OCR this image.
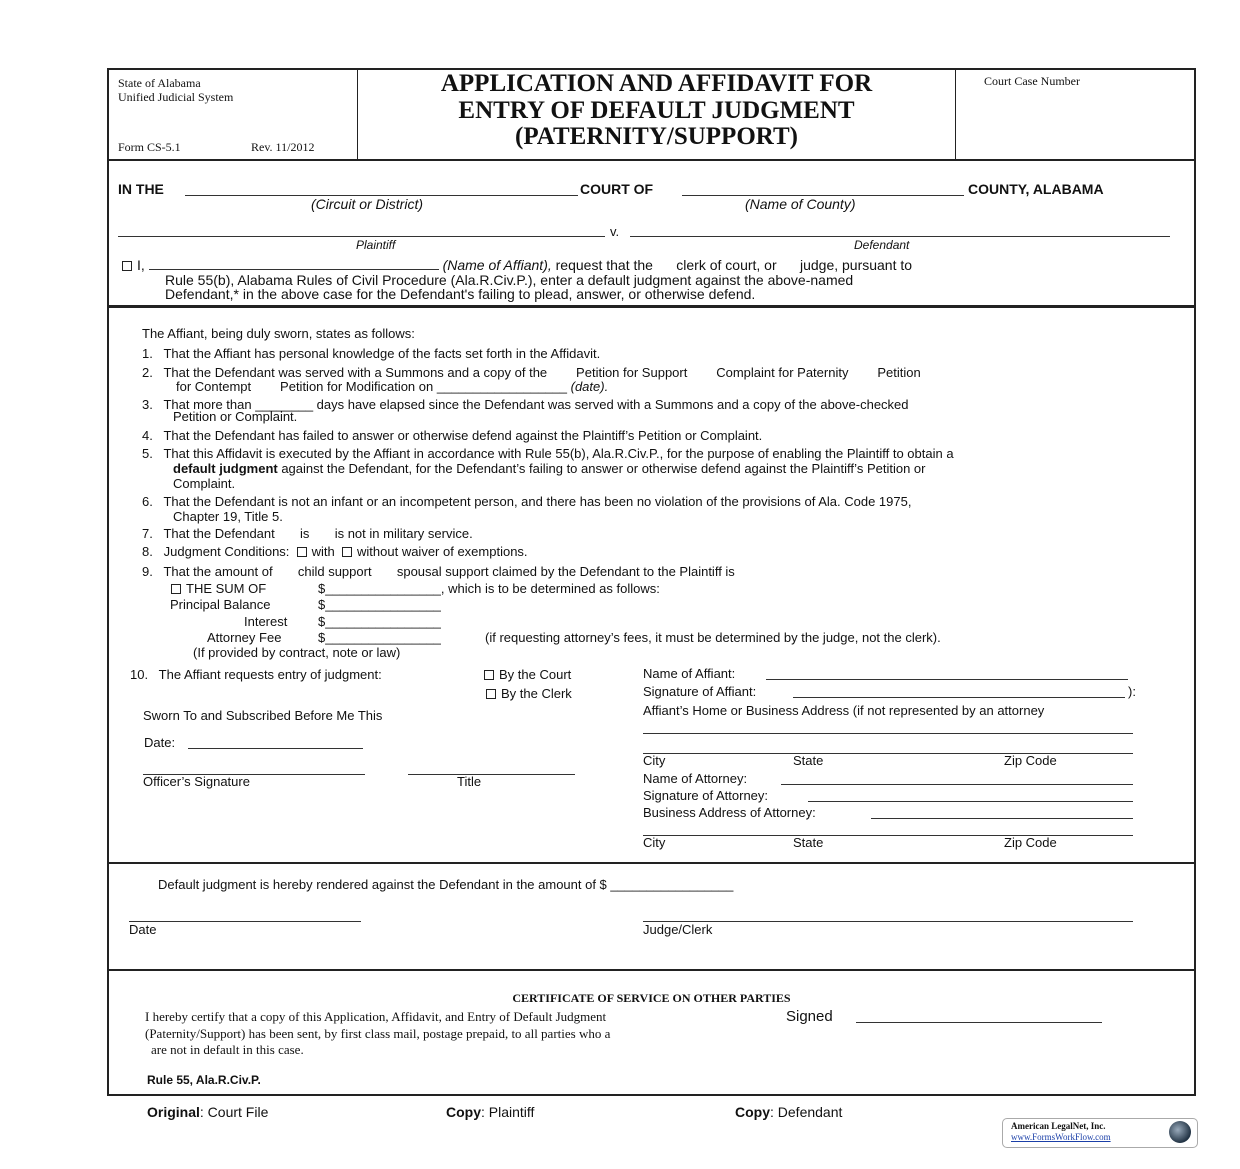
State of Alabama
Unified Judicial System
Form CS-5.1	Rev. 11/2012
APPLICATION AND AFFIDAVIT FOR
ENTRY OF DEFAULT JUDGMENT
(PATERNITY/SUPPORT)
Court Case Number
IN THE	COURT OF	COUNTY, ALABAMA
(Circuit or District)	(Name of County)
v.
Plaintiff	Defendant
I,	(Name of Affiant), request that the      clerk of court, or      judge, pursuant to
Rule 55(b), Alabama Rules of Civil Procedure (Ala.R.Civ.P.), enter a default judgment against the above-named
Defendant,* in the above case for the Defendant's failing to plead, answer, or otherwise defend.
The Affiant, being duly sworn, states as follows:
1.   That the Affiant has personal knowledge of the facts set forth in the Affidavit.
2.   That the Defendant was served with a Summons and a copy of the        Petition for Support        Complaint for Paternity        Petition
for Contempt        Petition for Modification on __________________ (date).
3.   That more than ________ days have elapsed since the Defendant was served with a Summons and a copy of the above-checked
Petition or Complaint.
4.   That the Defendant has failed to answer or otherwise defend against the Plaintiff’s Petition or Complaint.
5.   That this Affidavit is executed by the Affiant in accordance with Rule 55(b), Ala.R.Civ.P., for the purpose of enabling the Plaintiff to obtain a
default judgment against the Defendant, for the Defendant’s failing to answer or otherwise defend against the Plaintiff’s Petition or
Complaint.
6.   That the Defendant is not an infant or an incompetent person, and there has been no violation of the provisions of Ala. Code 1975,
Chapter 19, Title 5.
7.   That the Defendant       is       is not in military service.
8.   Judgment Conditions: with without waiver of exemptions.
9.   That the amount of       child support       spousal support claimed by the Defendant to the Plaintiff is
THE SUM OF	$________________, which is to be determined as follows:
Principal Balance	$________________
Interest $________________
Attorney Fee	$________________	(if requesting attorney’s fees, it must be determined by the judge, not the clerk).
(If provided by contract, note or law)
10.   The Affiant requests entry of judgment:	By the Court
By the Clerk
Sworn To and Subscribed Before Me This
Date:
Officer’s Signature	Title
Name of Affiant:
Signature of Affiant:	):
Affiant’s Home or Business Address (if not represented by an attorney
City	State	Zip Code
Name of Attorney:
Signature of Attorney:
Business Address of Attorney:
City	State	Zip Code
Default judgment is hereby rendered against the Defendant in the amount of $ _________________
Date	Judge/Clerk
CERTIFICATE OF SERVICE ON OTHER PARTIES
I hereby certify that a copy of this Application, Affidavit, and Entry of Default Judgment
(Paternity/Support) has been sent, by first class mail, postage prepaid, to all parties who a
are not in default in this case.
Signed
Rule 55, Ala.R.Civ.P.
Original: Court File	Copy: Plaintiff	Copy: Defendant
American LegalNet, Inc.
www.FormsWorkFlow.com
